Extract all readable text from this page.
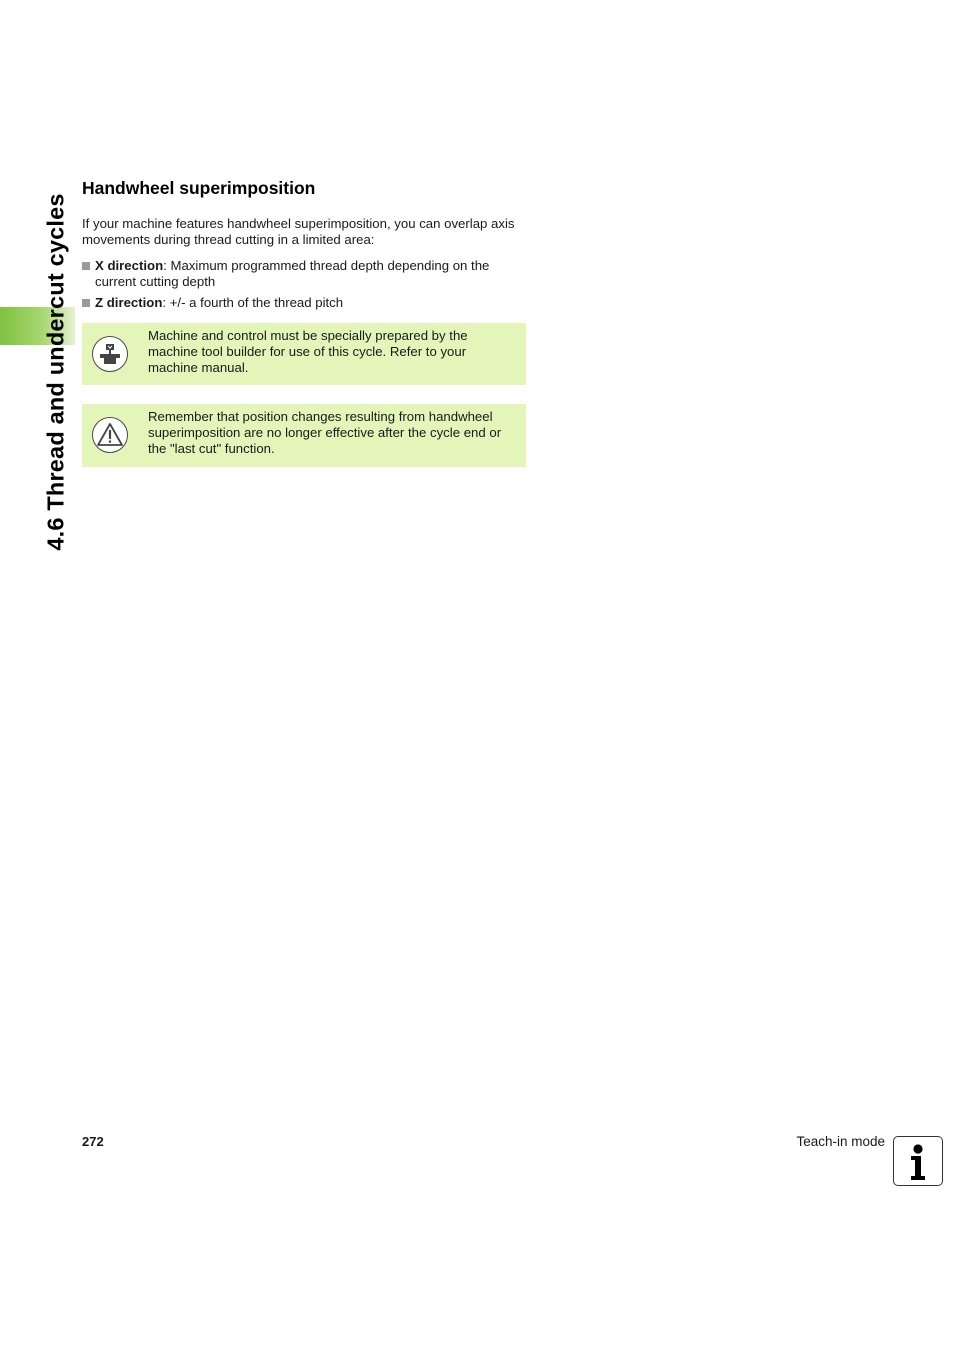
4.6 Thread and undercut cycles
Handwheel superimposition

If your machine features handwheel superimposition, you can overlap axis movements during thread cutting in a limited area:

X direction: Maximum programmed thread depth depending on the current cutting depth
Z direction: +/- a fourth of the thread pitch
Machine and control must be specially prepared by the machine tool builder for use of this cycle. Refer to your machine manual.
Remember that position changes resulting from handwheel superimposition are no longer effective after the cycle end or the "last cut" function.
272	Teach-in mode
